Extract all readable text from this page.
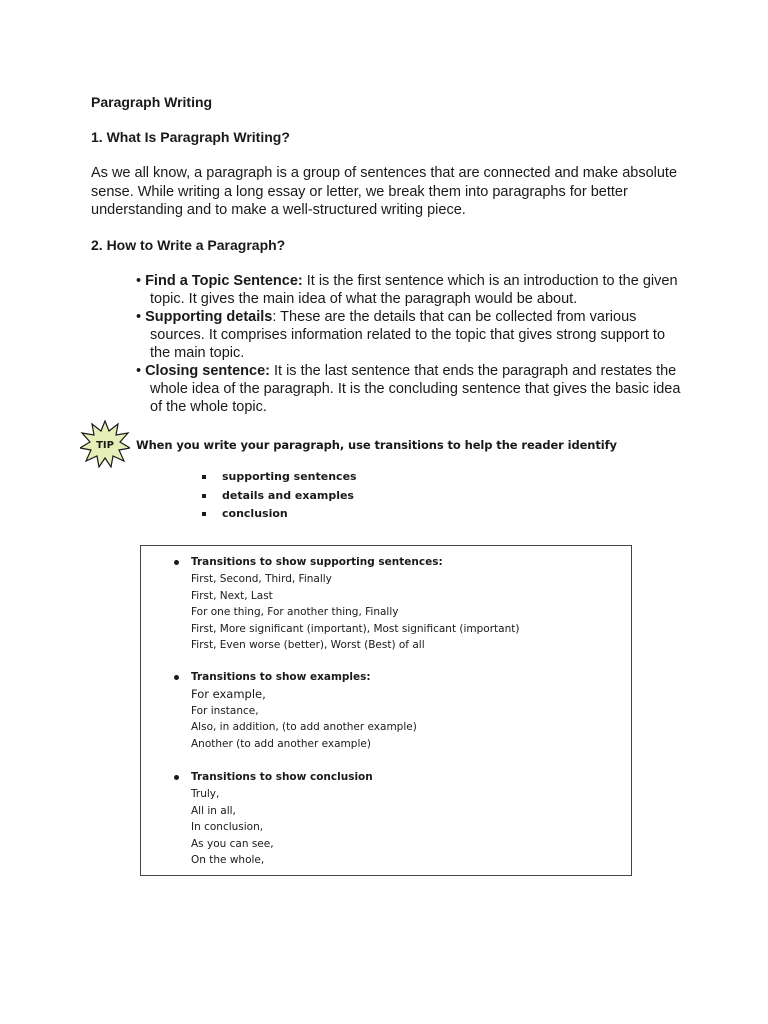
Paragraph Writing
1. What Is Paragraph Writing?
As we all know, a paragraph is a group of sentences that are connected and make absolute sense. While writing a long essay or letter, we break them into paragraphs for better understanding and to make a well-structured writing piece.
2. How to Write a Paragraph?
• Find a Topic Sentence: It is the first sentence which is an introduction to the given topic. It gives the main idea of what the paragraph would be about.
• Supporting details: These are the details that can be collected from various sources. It comprises information related to the topic that gives strong support to the main topic.
• Closing sentence: It is the last sentence that ends the paragraph and restates the whole idea of the paragraph. It is the concluding sentence that gives the basic idea of the whole topic.
TIP When you write your paragraph, use transitions to help the reader identify
supporting sentences
details and examples
conclusion
Transitions to show supporting sentences:
First, Second, Third, Finally
First, Next, Last
For one thing, For another thing, Finally
First, More significant (important), Most significant (important)
First, Even worse (better), Worst (Best) of all
Transitions to show examples:
For example,
For instance,
Also, in addition, (to add another example)
Another (to add another example)
Transitions to show conclusion
Truly,
All in all,
In conclusion,
As you can see,
On the whole,
